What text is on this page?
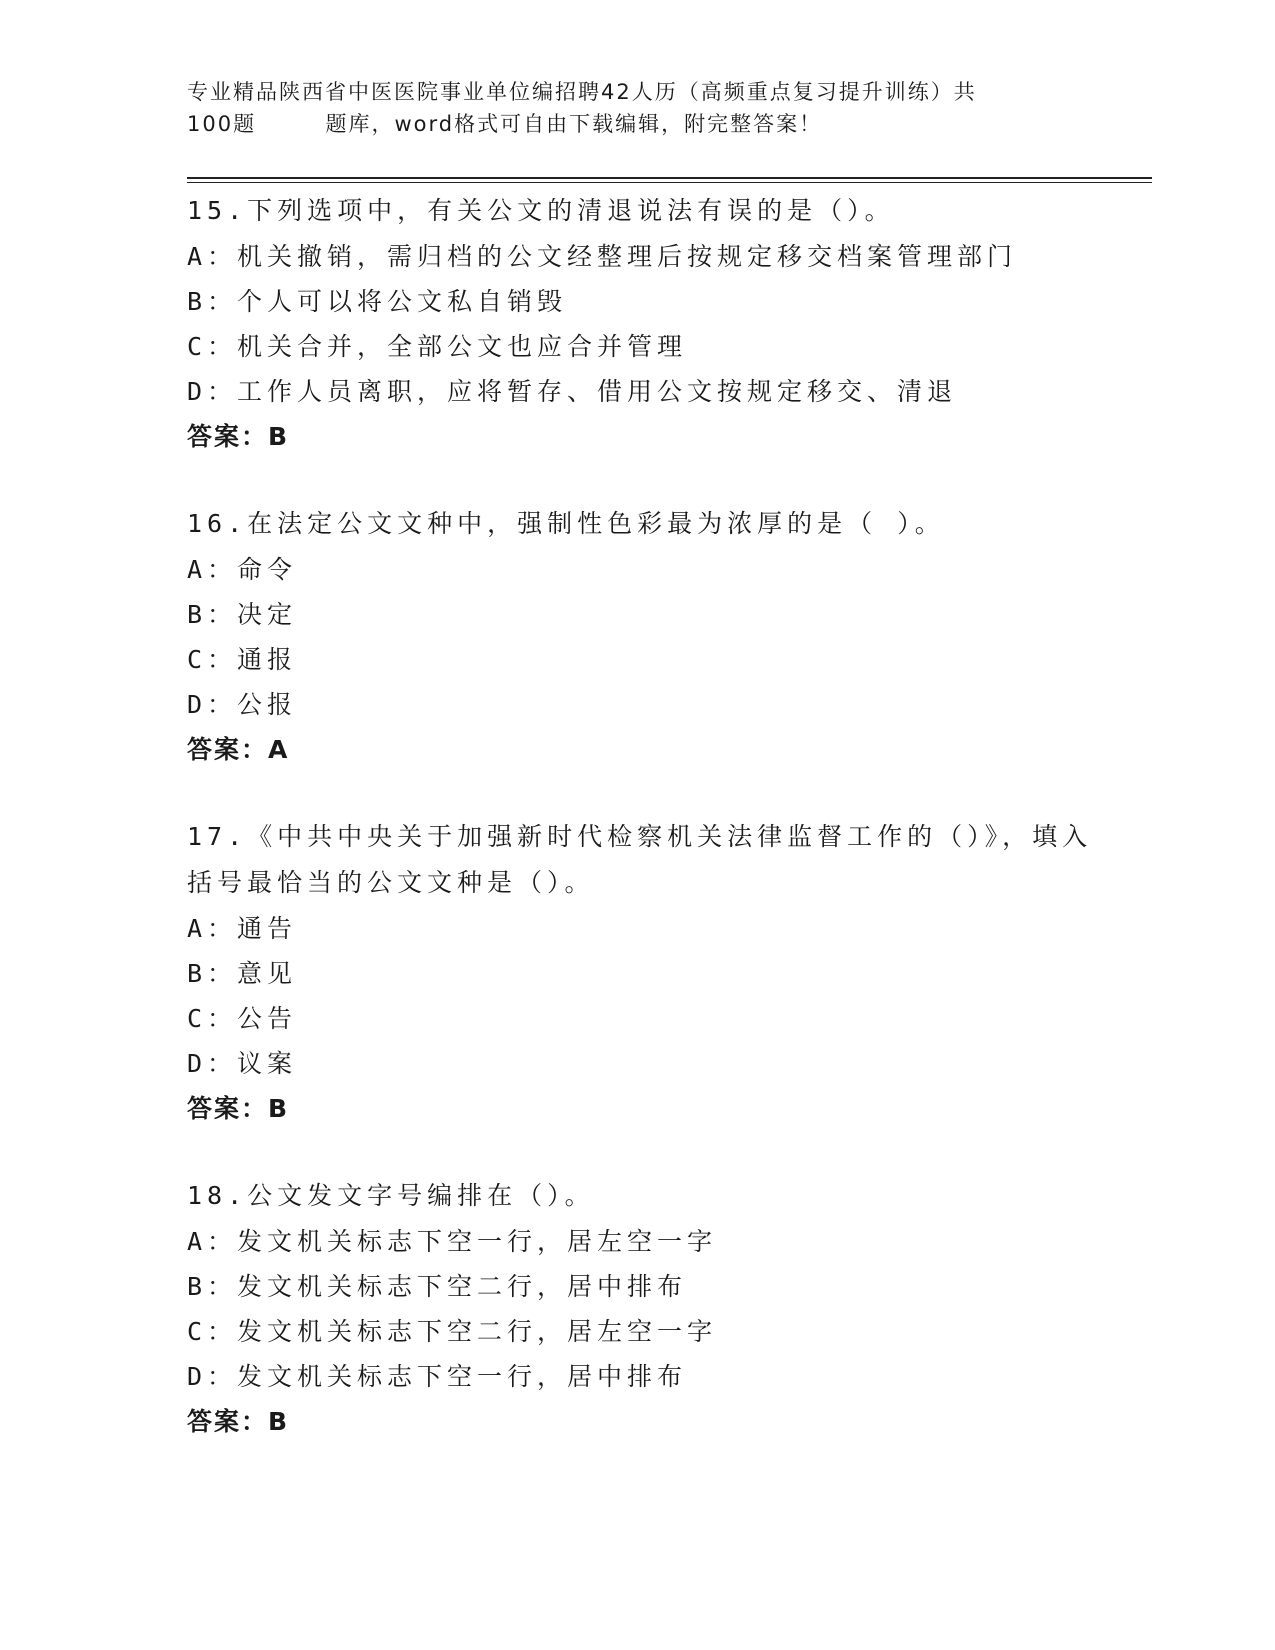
专业精品陕西省中医医院事业单位编招聘42人历（高频重点复习提升训练）共
100题        题库，word格式可自由下载编辑，附完整答案！
15.下列选项中，有关公文的清退说法有误的是（）。
A：机关撤销，需归档的公文经整理后按规定移交档案管理部门
B：个人可以将公文私自销毁
C：机关合并，全部公文也应合并管理
D：工作人员离职，应将暂存、借用公文按规定移交、清退
答案：B
16.在法定公文文种中，强制性色彩最为浓厚的是（ ）。
A：命令
B：决定
C：通报
D：公报
答案：A
17.《中共中央关于加强新时代检察机关法律监督工作的（）》，填入
括号最恰当的公文文种是（）。
A：通告
B：意见
C：公告
D：议案
答案：B
18.公文发文字号编排在（）。
A：发文机关标志下空一行，居左空一字
B：发文机关标志下空二行，居中排布
C：发文机关标志下空二行，居左空一字
D：发文机关标志下空一行，居中排布
答案：B
